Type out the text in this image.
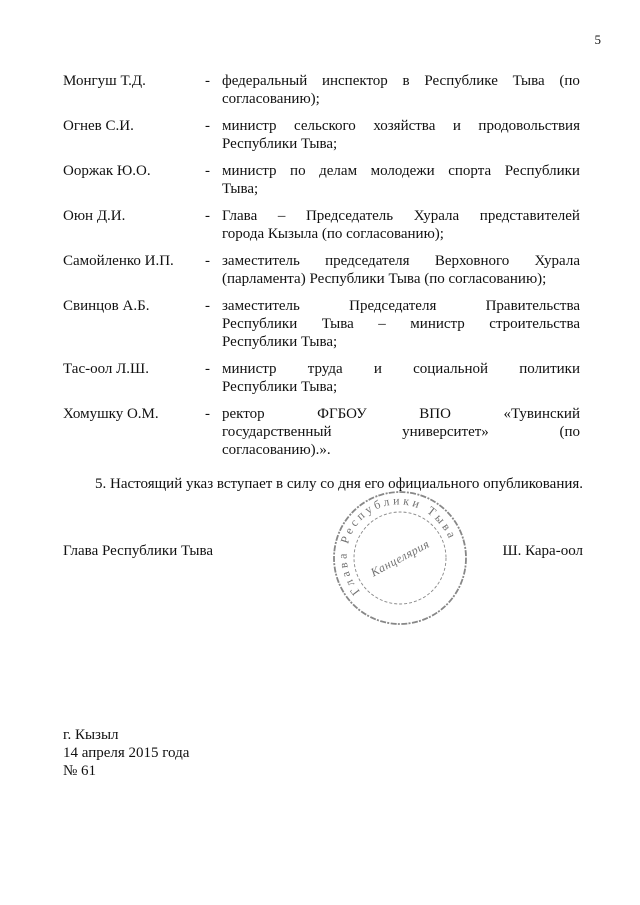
5
Монгуш Т.Д.	- федеральный инспектор в Республике Тыва (по
согласованию);
Огнев С.И.	- министр сельского хозяйства и продовольствия
Республики Тыва;
Ооржак Ю.О.	- министр по делам молодежи спорта Республики
Тыва;
Оюн Д.И.	- Глава – Председатель Хурала представителей
города Кызыла (по согласованию);
Самойленко И.П.	- заместитель председателя Верховного Хурала
(парламента) Республики Тыва (по согласованию);
Свинцов А.Б.	- заместитель	Председателя	Правительства
Республики Тыва – министр строительства
Республики Тыва;
Тас-оол Л.Ш.	- министр труда и социальной политики
Республики Тыва;
Хомушку О.М.	- ректор	ФГБОУ	ВПО	«Тувинский
государственный	университет»	(по
согласованию).».
5. Настоящий указ вступает в силу со дня его официального опубликования.
Глава Республики Тыва
Глава Республики Тыва
Канцелярия	Ш. Кара-оол
г. Кызыл
14 апреля 2015 года
№ 61
